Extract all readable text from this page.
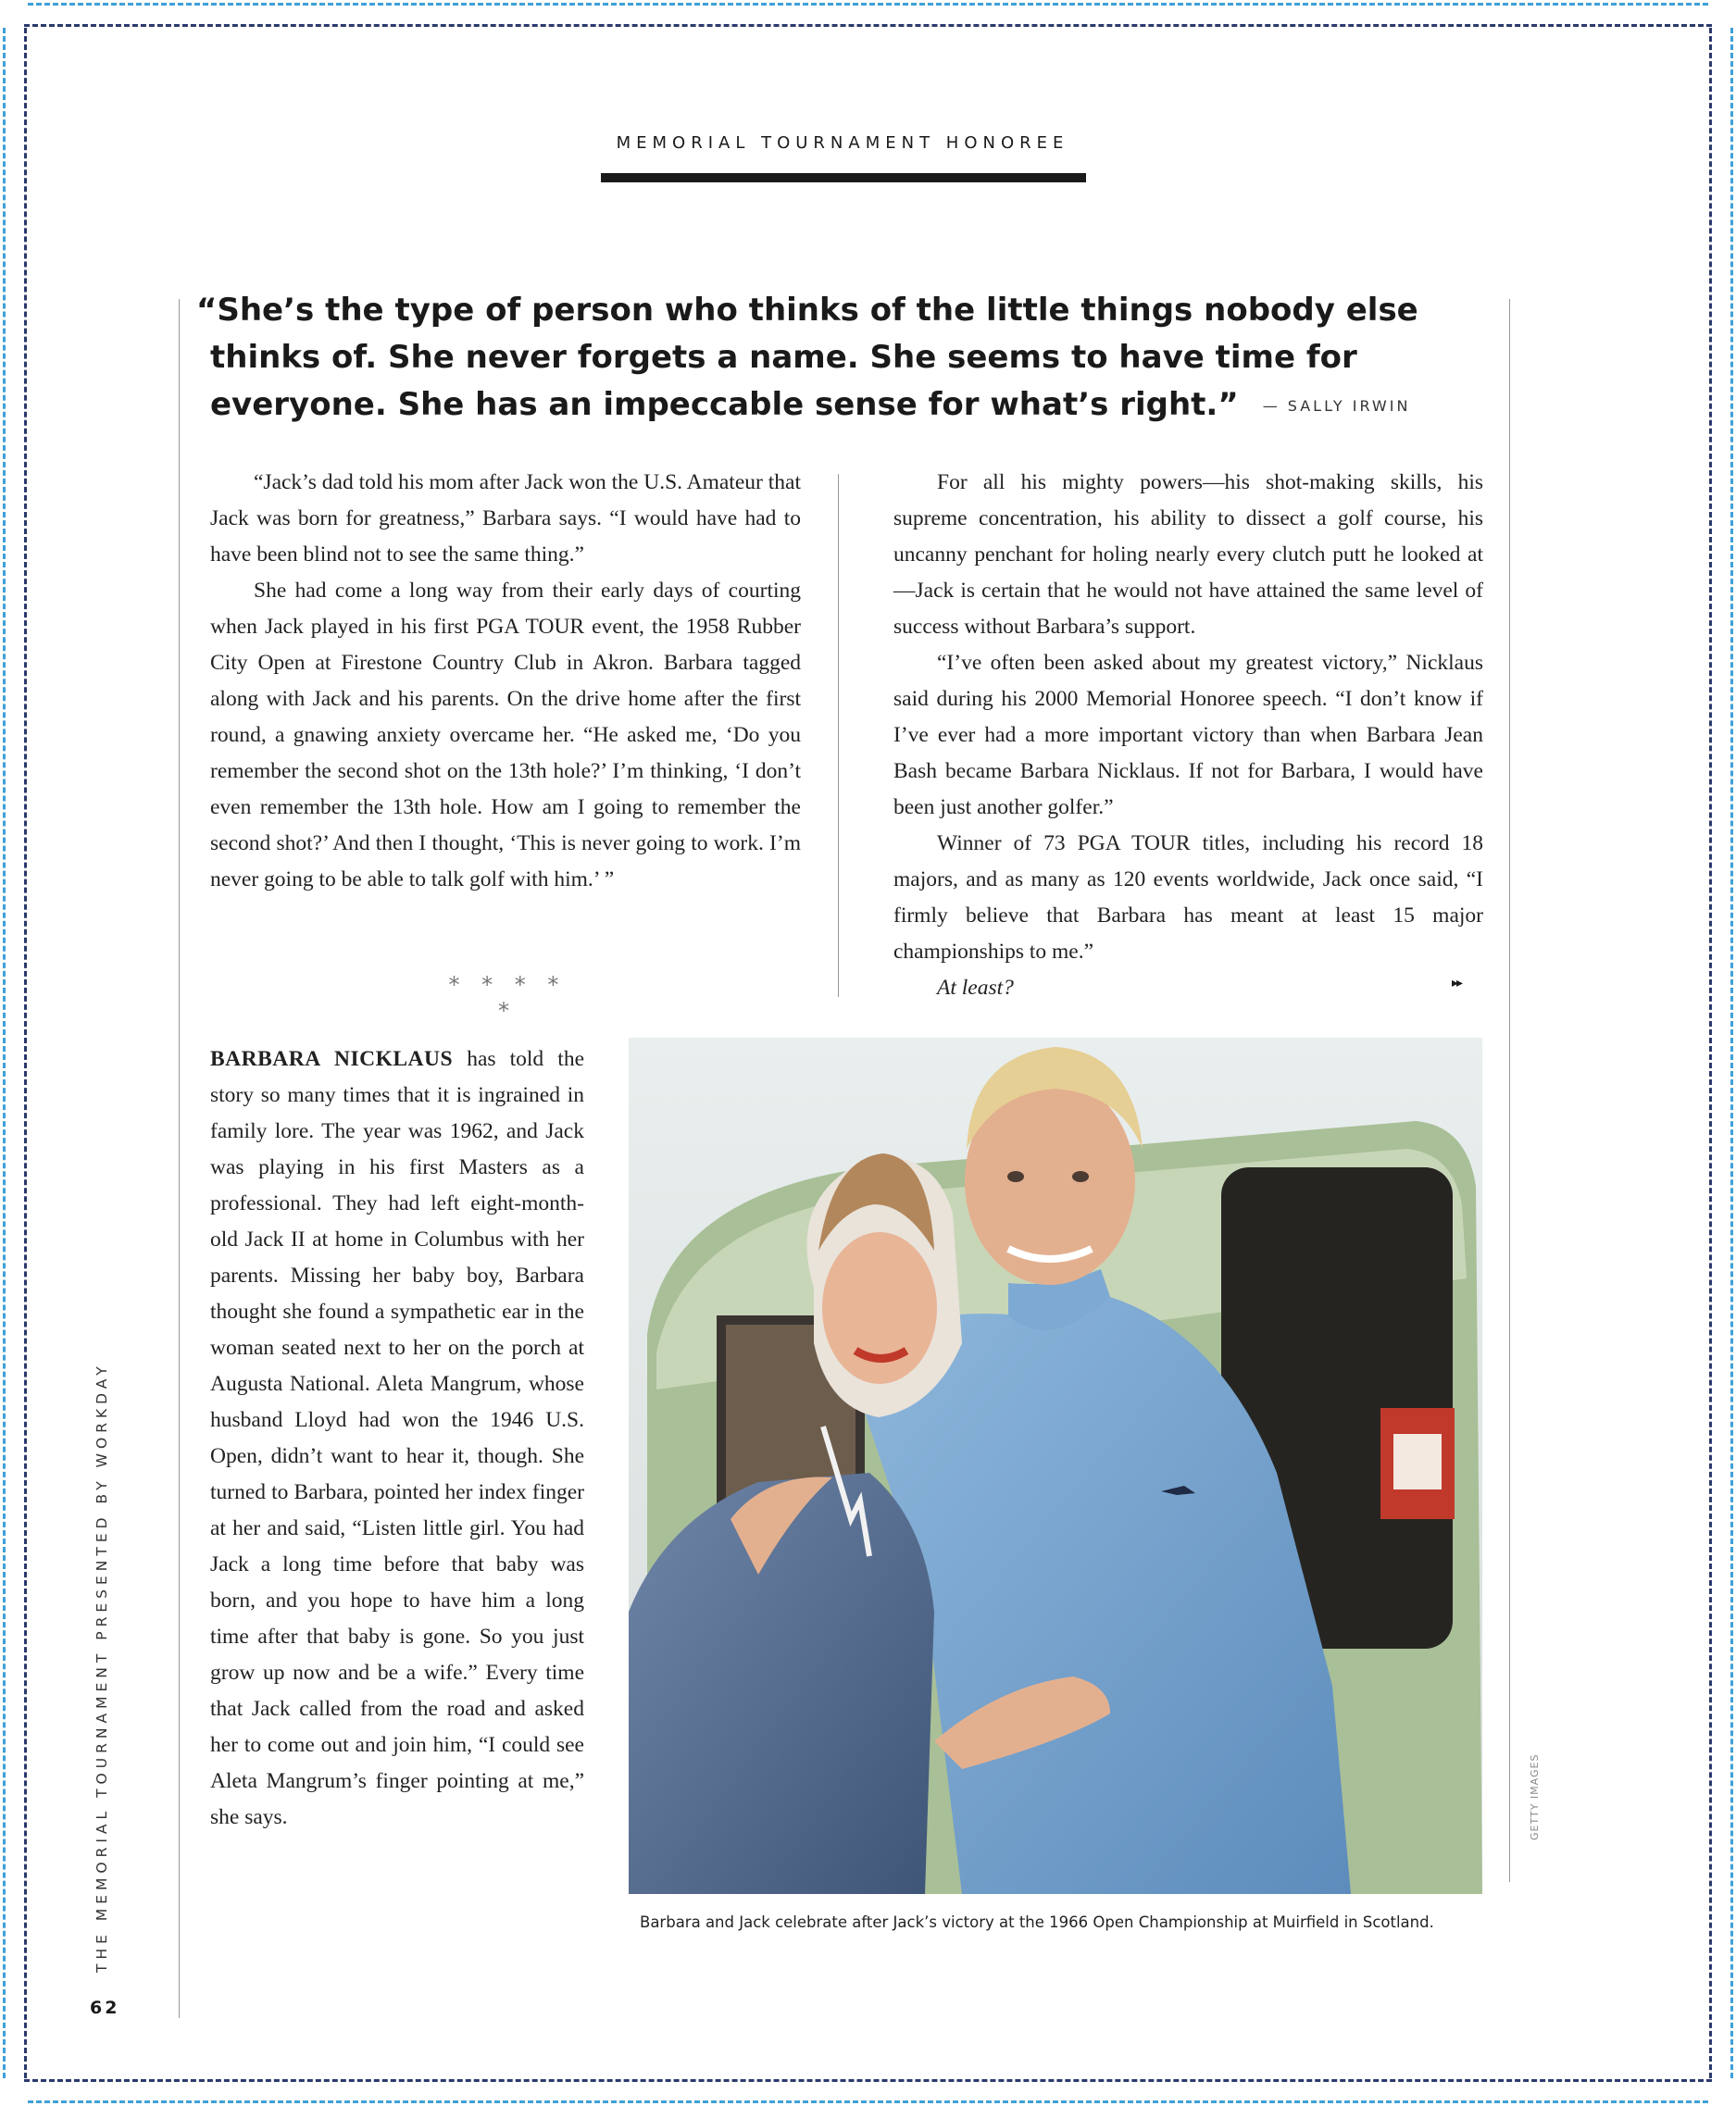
MEMORIAL TOURNAMENT HONOREE
“She’s the type of person who thinks of the little things nobody else
thinks of. She never forgets a name. She seems to have time for
everyone. She has an impeccable sense for what’s right.” — SALLY IRWIN

“Jack’s dad told his mom after Jack won the U.S. Amateur that Jack was born for greatness,” Barbara says. “I would have had to have been blind not to see the same thing.”

She had come a long way from their early days of courting when Jack played in his first PGA TOUR event, the 1958 Rubber City Open at Firestone Country Club in Akron. Barbara tagged along with Jack and his parents. On the drive home after the first round, a gnawing anxiety overcame her. “He asked me, ‘Do you remember the second shot on the 13th hole?’ I’m thinking, ‘I don’t even remember the 13th hole. How am I going to remember the second shot?’ And then I thought, ‘This is never going to work. I’m never going to be able to talk golf with him.’ ”

* * * * *

For all his mighty powers—his shot-making skills, his supreme concentration, his ability to dissect a golf course, his uncanny penchant for holing nearly every clutch putt he looked at—Jack is certain that he would not have attained the same level of success without Barbara’s support.

“I’ve often been asked about my greatest victory,” Nicklaus said during his 2000 Memorial Honoree speech. “I don’t know if I’ve ever had a more important victory than when Barbara Jean Bash became Barbara Nicklaus. If not for Barbara, I would have been just another golfer.”

Winner of 73 PGA TOUR titles, including his record 18 majors, and as many as 120 events worldwide, Jack once said, “I firmly believe that Barbara has meant at least 15 major championships to me.”

At least?	▸▸

BARBARA NICKLAUS has told the story so many times that it is ingrained in family lore. The year was 1962, and Jack was playing in his first Masters as a professional. They had left eight-month-old Jack II at home in Columbus with her parents. Missing her baby boy, Barbara thought she found a sympathetic ear in the woman seated next to her on the porch at Augusta National. Aleta Mangrum, whose husband Lloyd had won the 1946 U.S. Open, didn’t want to hear it, though. She turned to Barbara, pointed her index finger at her and said, “Listen little girl. You had Jack a long time before that baby was born, and you hope to have him a long time after that baby is gone. So you just grow up now and be a wife.” Every time that Jack called from the road and asked her to come out and join him, “I could see Aleta Mangrum’s finger pointing at me,” she says.

Barbara and Jack celebrate after Jack’s victory at the 1966 Open Championship at Muirfield in Scotland.
GETTY IMAGES
THE MEMORIAL TOURNAMENT PRESENTED BY WORKDAY
62
